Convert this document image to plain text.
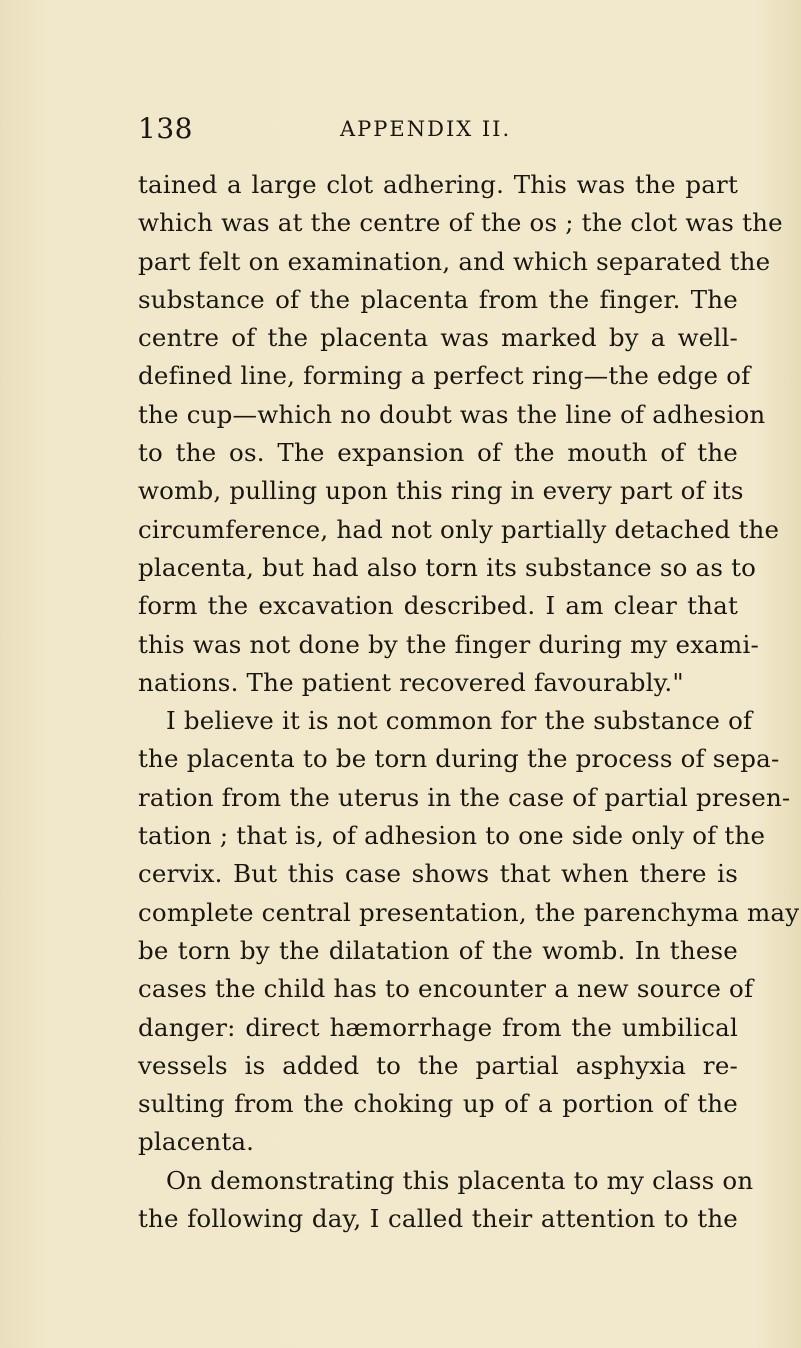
138	APPENDIX II.
tained a large clot adhering. This was the part
which was at the centre of the os ; the clot was the
part felt on examination, and which separated the
substance of the placenta from the finger. The
centre of the placenta was marked by a well-
defined line, forming a perfect ring—the edge of
the cup—which no doubt was the line of adhesion
to the os. The expansion of the mouth of the
womb, pulling upon this ring in every part of its
circumference, had not only partially detached the
placenta, but had also torn its substance so as to
form the excavation described. I am clear that
this was not done by the finger during my exami-
nations. The patient recovered favourably."
I believe it is not common for the substance of
the placenta to be torn during the process of sepa-
ration from the uterus in the case of partial presen-
tation ; that is, of adhesion to one side only of the
cervix. But this case shows that when there is
complete central presentation, the parenchyma may
be torn by the dilatation of the womb. In these
cases the child has to encounter a new source of
danger: direct hæmorrhage from the umbilical
vessels is added to the partial asphyxia re-
sulting from the choking up of a portion of the
placenta.
On demonstrating this placenta to my class on
the following day, I called their attention to the
